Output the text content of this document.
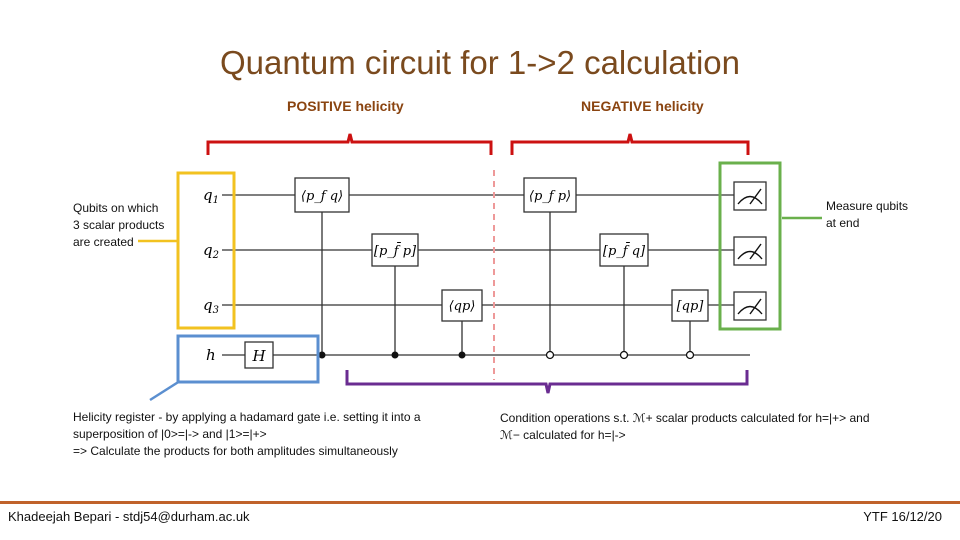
Quantum circuit for 1->2 calculation
POSITIVE helicity	NEGATIVE helicity
$q_1$
$q_2$
$q_3$
h H
⟨p_f q⟩
[p_f̄ p]
⟨qp⟩
⟨p_f p⟩
[p_f̄ q]
[qp]
Qubits on which
3 scalar products
are created
Measure qubits
at end
Helicity register - by applying a hadamard gate i.e. setting it into a
superposition of |0>=|-> and |1>=|+>
=> Calculate the products for both amplitudes simultaneously
Condition operations s.t. ℳ+ scalar products calculated for h=|+> and
ℳ− calculated for h=|->
Khadeejah Bepari - stdj54@durham.ac.uk	YTF 16/12/20
